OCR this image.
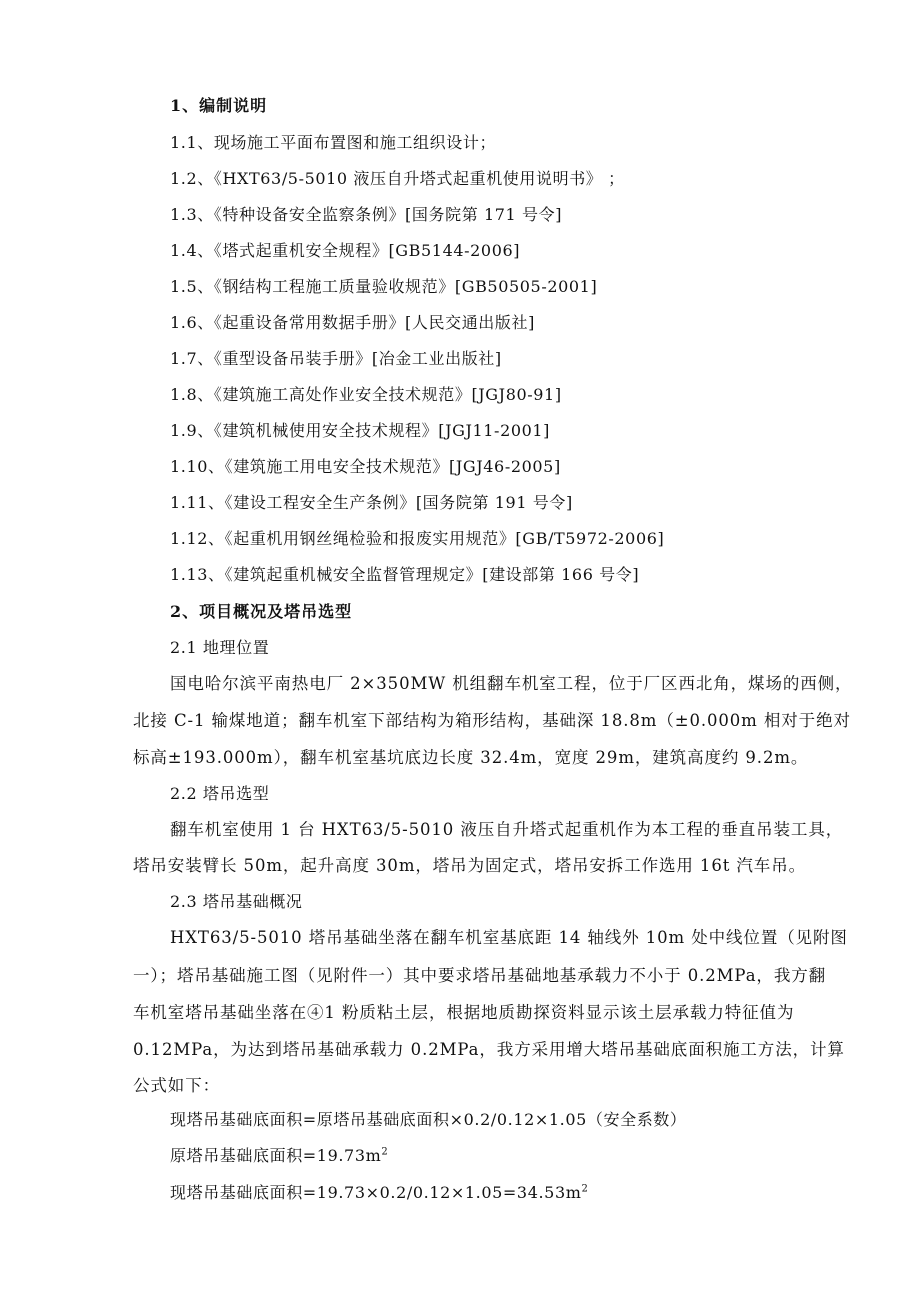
1、编制说明
1.1、现场施工平面布置图和施工组织设计；
1.2、《HXT63/5-5010 液压自升塔式起重机使用说明书》 ；
1.3、《特种设备安全监察条例》[国务院第 171 号令]
1.4、《塔式起重机安全规程》[GB5144-2006]
1.5、《钢结构工程施工质量验收规范》[GB50505-2001]
1.6、《起重设备常用数据手册》[人民交通出版社]
1.7、《重型设备吊装手册》[冶金工业出版社]
1.8、《建筑施工高处作业安全技术规范》[JGJ80-91]
1.9、《建筑机械使用安全技术规程》[JGJ11-2001]
1.10、《建筑施工用电安全技术规范》[JGJ46-2005]
1.11、《建设工程安全生产条例》[国务院第 191 号令]
1.12、《起重机用钢丝绳检验和报废实用规范》[GB/T5972-2006]
1.13、《建筑起重机械安全监督管理规定》[建设部第 166 号令]
2、项目概况及塔吊选型
2.1 地理位置
国电哈尔滨平南热电厂 2×350MW 机组翻车机室工程，位于厂区西北角，煤场的西侧，
北接 C-1 输煤地道；翻车机室下部结构为箱形结构，基础深 18.8m（±0.000m 相对于绝对
标高±193.000m），翻车机室基坑底边长度 32.4m，宽度 29m，建筑高度约 9.2m。
2.2 塔吊选型
翻车机室使用 1 台 HXT63/5-5010 液压自升塔式起重机作为本工程的垂直吊装工具，
塔吊安装臂长 50m，起升高度 30m，塔吊为固定式，塔吊安拆工作选用 16t 汽车吊。
2.3 塔吊基础概况
HXT63/5-5010 塔吊基础坐落在翻车机室基底距 14 轴线外 10m 处中线位置（见附图
一）；塔吊基础施工图（见附件一）其中要求塔吊基础地基承载力不小于 0.2MPa，我方翻
车机室塔吊基础坐落在④1 粉质粘土层，根据地质勘探资料显示该土层承载力特征值为
0.12MPa，为达到塔吊基础承载力 0.2MPa，我方采用增大塔吊基础底面积施工方法，计算
公式如下：
现塔吊基础底面积=原塔吊基础底面积×0.2/0.12×1.05（安全系数）
原塔吊基础底面积$=19.73m^2$
现塔吊基础底面积$=19.73\times 0.2/0.12\times 1.05=34.53m^2$
